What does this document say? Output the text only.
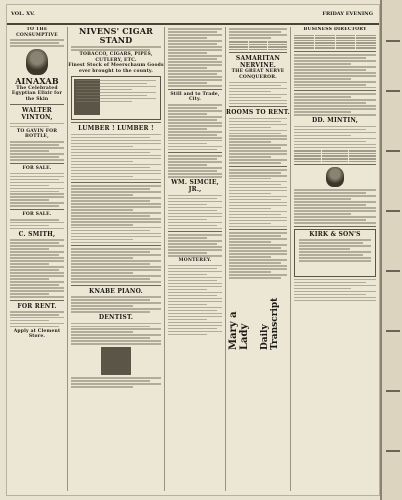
VOL. XV.	FRIDAY EVENING
TO THE CONSUMPTIVE
AINAXAB
The Celebrated Egyptian Elixir for the Skin
WALTER VINTON,
TO GAVIN FOR BOTTLE,
FOR SALE.
FOR SALE.
C. SMITH,
FOR RENT.
Apply at Clement Store.
NIVENS' CIGAR STAND
TOBACCO, CIGARS, PIPES, CUTLERY, ETC.
Finest Stock of Meerschaum Goods ever brought to the county.
LUMBER ! LUMBER !
KNABE PIANO.
DENTIST.
Still and to Trade, City.
WM. SIMCIE, JR.,
MONTEREY.
SAMARITAN NERVINE.
THE GREAT NERVE CONQUEROR.
ROOMS TO RENT.
Mary a Lady Daily Transcript
BUSINESS DIRECTORY
DD. MINTIN,
KIRK & SON'S
